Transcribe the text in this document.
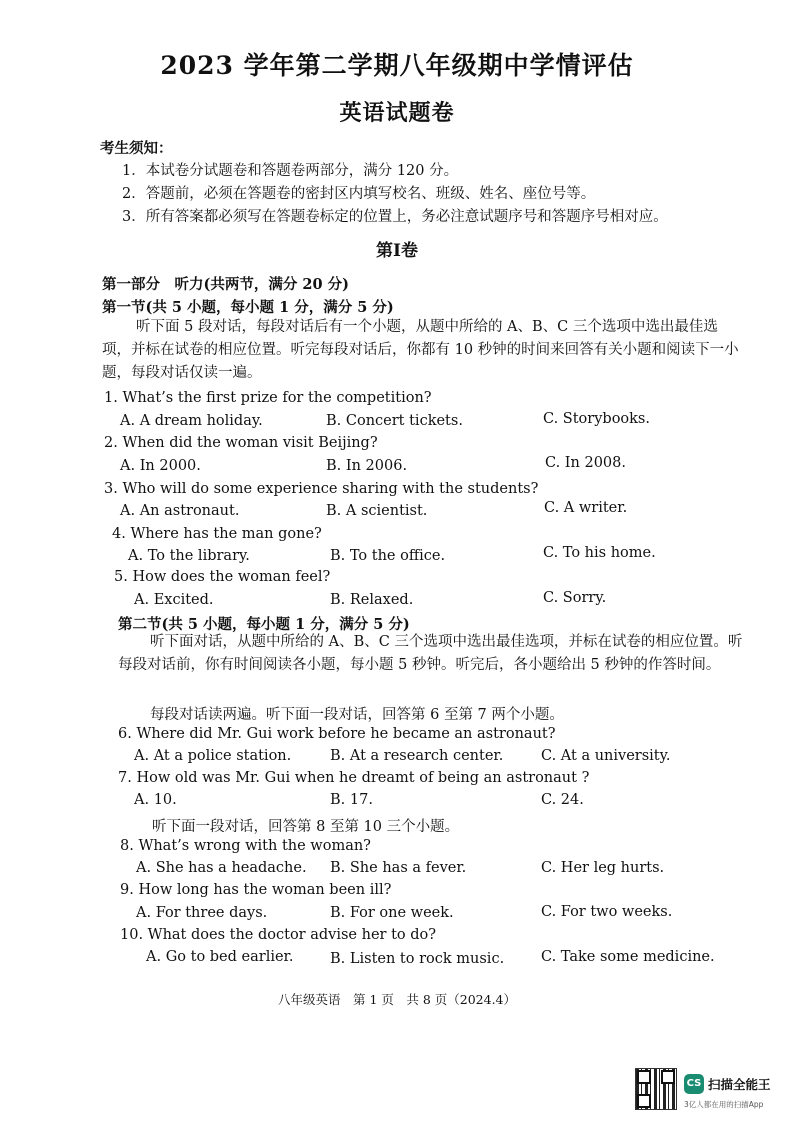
2023 学年第二学期八年级期中学情评估
英语试题卷
考生须知：
1．本试卷分试题卷和答题卷两部分，满分 120 分。
2．答题前，必须在答题卷的密封区内填写校名、班级、姓名、座位号等。
3．所有答案都必须写在答题卷标定的位置上，务必注意试题序号和答题序号相对应。
第Ⅰ卷
第一部分　听力(共两节，满分 20 分)
第一节(共 5 小题，每小题 1 分，满分 5 分)
听下面 5 段对话，每段对话后有一个小题，从题中所给的 A、B、C 三个选项中选出最佳选项，并标在试卷的相应位置。听完每段对话后，你都有 10 秒钟的时间来回答有关小题和阅读下一小题，每段对话仅读一遍。
1. What’s the first prize for the competition?
A. A dream holiday.	B. Concert tickets.	C. Storybooks.
2. When did the woman visit Beijing?
A. In 2000.	B. In 2006.	C. In 2008.
3. Who will do some experience sharing with the students?
A. An astronaut.	B. A scientist.	C. A writer.
4. Where has the man gone?
A. To the library.	B. To the office.	C. To his home.
5. How does the woman feel?
A. Excited.	B. Relaxed.	C. Sorry.
第二节(共 5 小题，每小题 1 分，满分 5 分)
听下面对话，从题中所给的 A、B、C 三个选项中选出最佳选项，并标在试卷的相应位置。听每段对话前，你有时间阅读各小题，每小题 5 秒钟。听完后，各小题给出 5 秒钟的作答时间。
每段对话读两遍。听下面一段对话，回答第 6 至第 7 两个小题。
6. Where did Mr. Gui work before he became an astronaut?
A. At a police station.	B. At a research center.	C. At a university.
7. How old was Mr. Gui when he dreamt of being an astronaut ?
A. 10.	B. 17.	C. 24.
听下面一段对话，回答第 8 至第 10 三个小题。
8. What’s wrong with the woman?
A. She has a headache. B. She has a fever.	C. Her leg hurts.
9. How long has the woman been ill?
A. For three days.	B. For one week.	C. For two weeks.
10. What does the doctor advise her to do?
A. Go to bed earlier.	B. Listen to rock music.	C. Take some medicine.
八年级英语　第 1 页　共 8 页（2024.4）
CS 扫描全能王
3亿人都在用的扫描App
